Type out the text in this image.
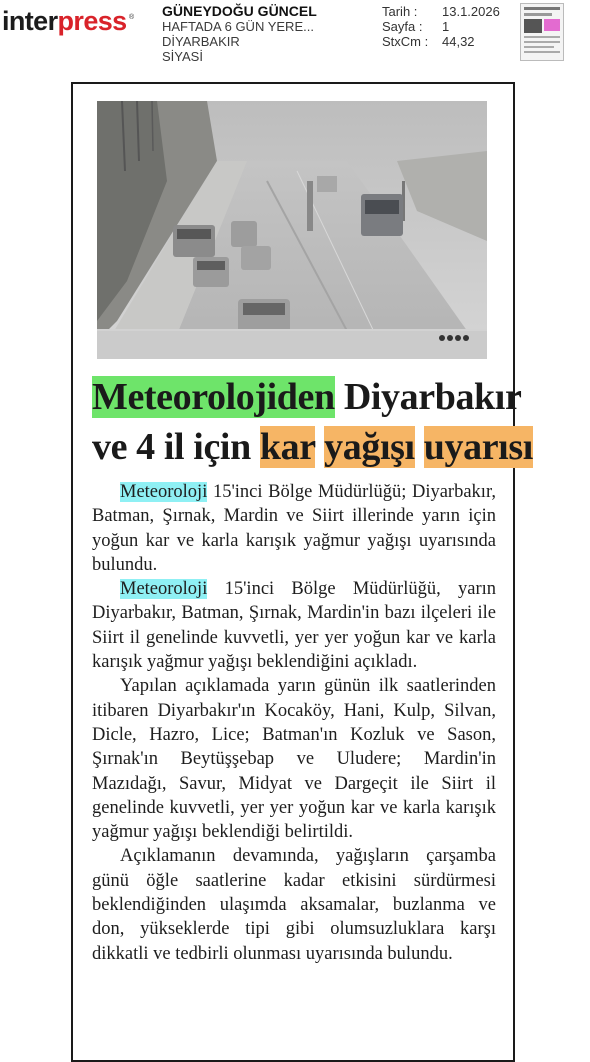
interpress ® GÜNEYDOĞU GÜNCEL
HAFTADA 6 GÜN YERE...
DİYARBAKIR
SİYASİ
Tarih :	13.1.2026
Sayfa :	1
StxCm :	44,32
Meteorolojiden Diyarbakır
ve 4 il için kar yağışı uyarısı

Meteoroloji 15'inci Bölge Müdürlüğü; Diyarbakır, Batman, Şırnak, Mardin ve Siirt illerinde yarın için yoğun kar ve karla karışık yağmur yağışı uyarısında bulundu.

Meteoroloji 15'inci Bölge Müdürlüğü, yarın Diyarbakır, Batman, Şırnak, Mardin'in bazı ilçeleri ile Siirt il genelinde kuvvetli, yer yer yoğun kar ve karla karışık yağmur yağışı beklendiğini açıkladı.

Yapılan açıklamada yarın günün ilk saatlerinden itibaren Diyarbakır'ın Kocaköy, Hani, Kulp, Silvan, Dicle, Hazro, Lice; Batman'ın Kozluk ve Sason, Şırnak'ın Beytüşşebap ve Uludere; Mardin'in Mazıdağı, Savur, Midyat ve Dargeçit ile Siirt il genelinde kuvvetli, yer yer yoğun kar ve karla karışık yağmur yağışı beklendiği belirtildi.

Açıklamanın devamında, yağışların çarşamba günü öğle saatlerine kadar etkisini sürdürmesi beklendiğinden ulaşımda aksamalar, buzlanma ve don, yükseklerde tipi gibi olumsuzluklara karşı dikkatli ve tedbirli olunması uyarısında bulundu.
